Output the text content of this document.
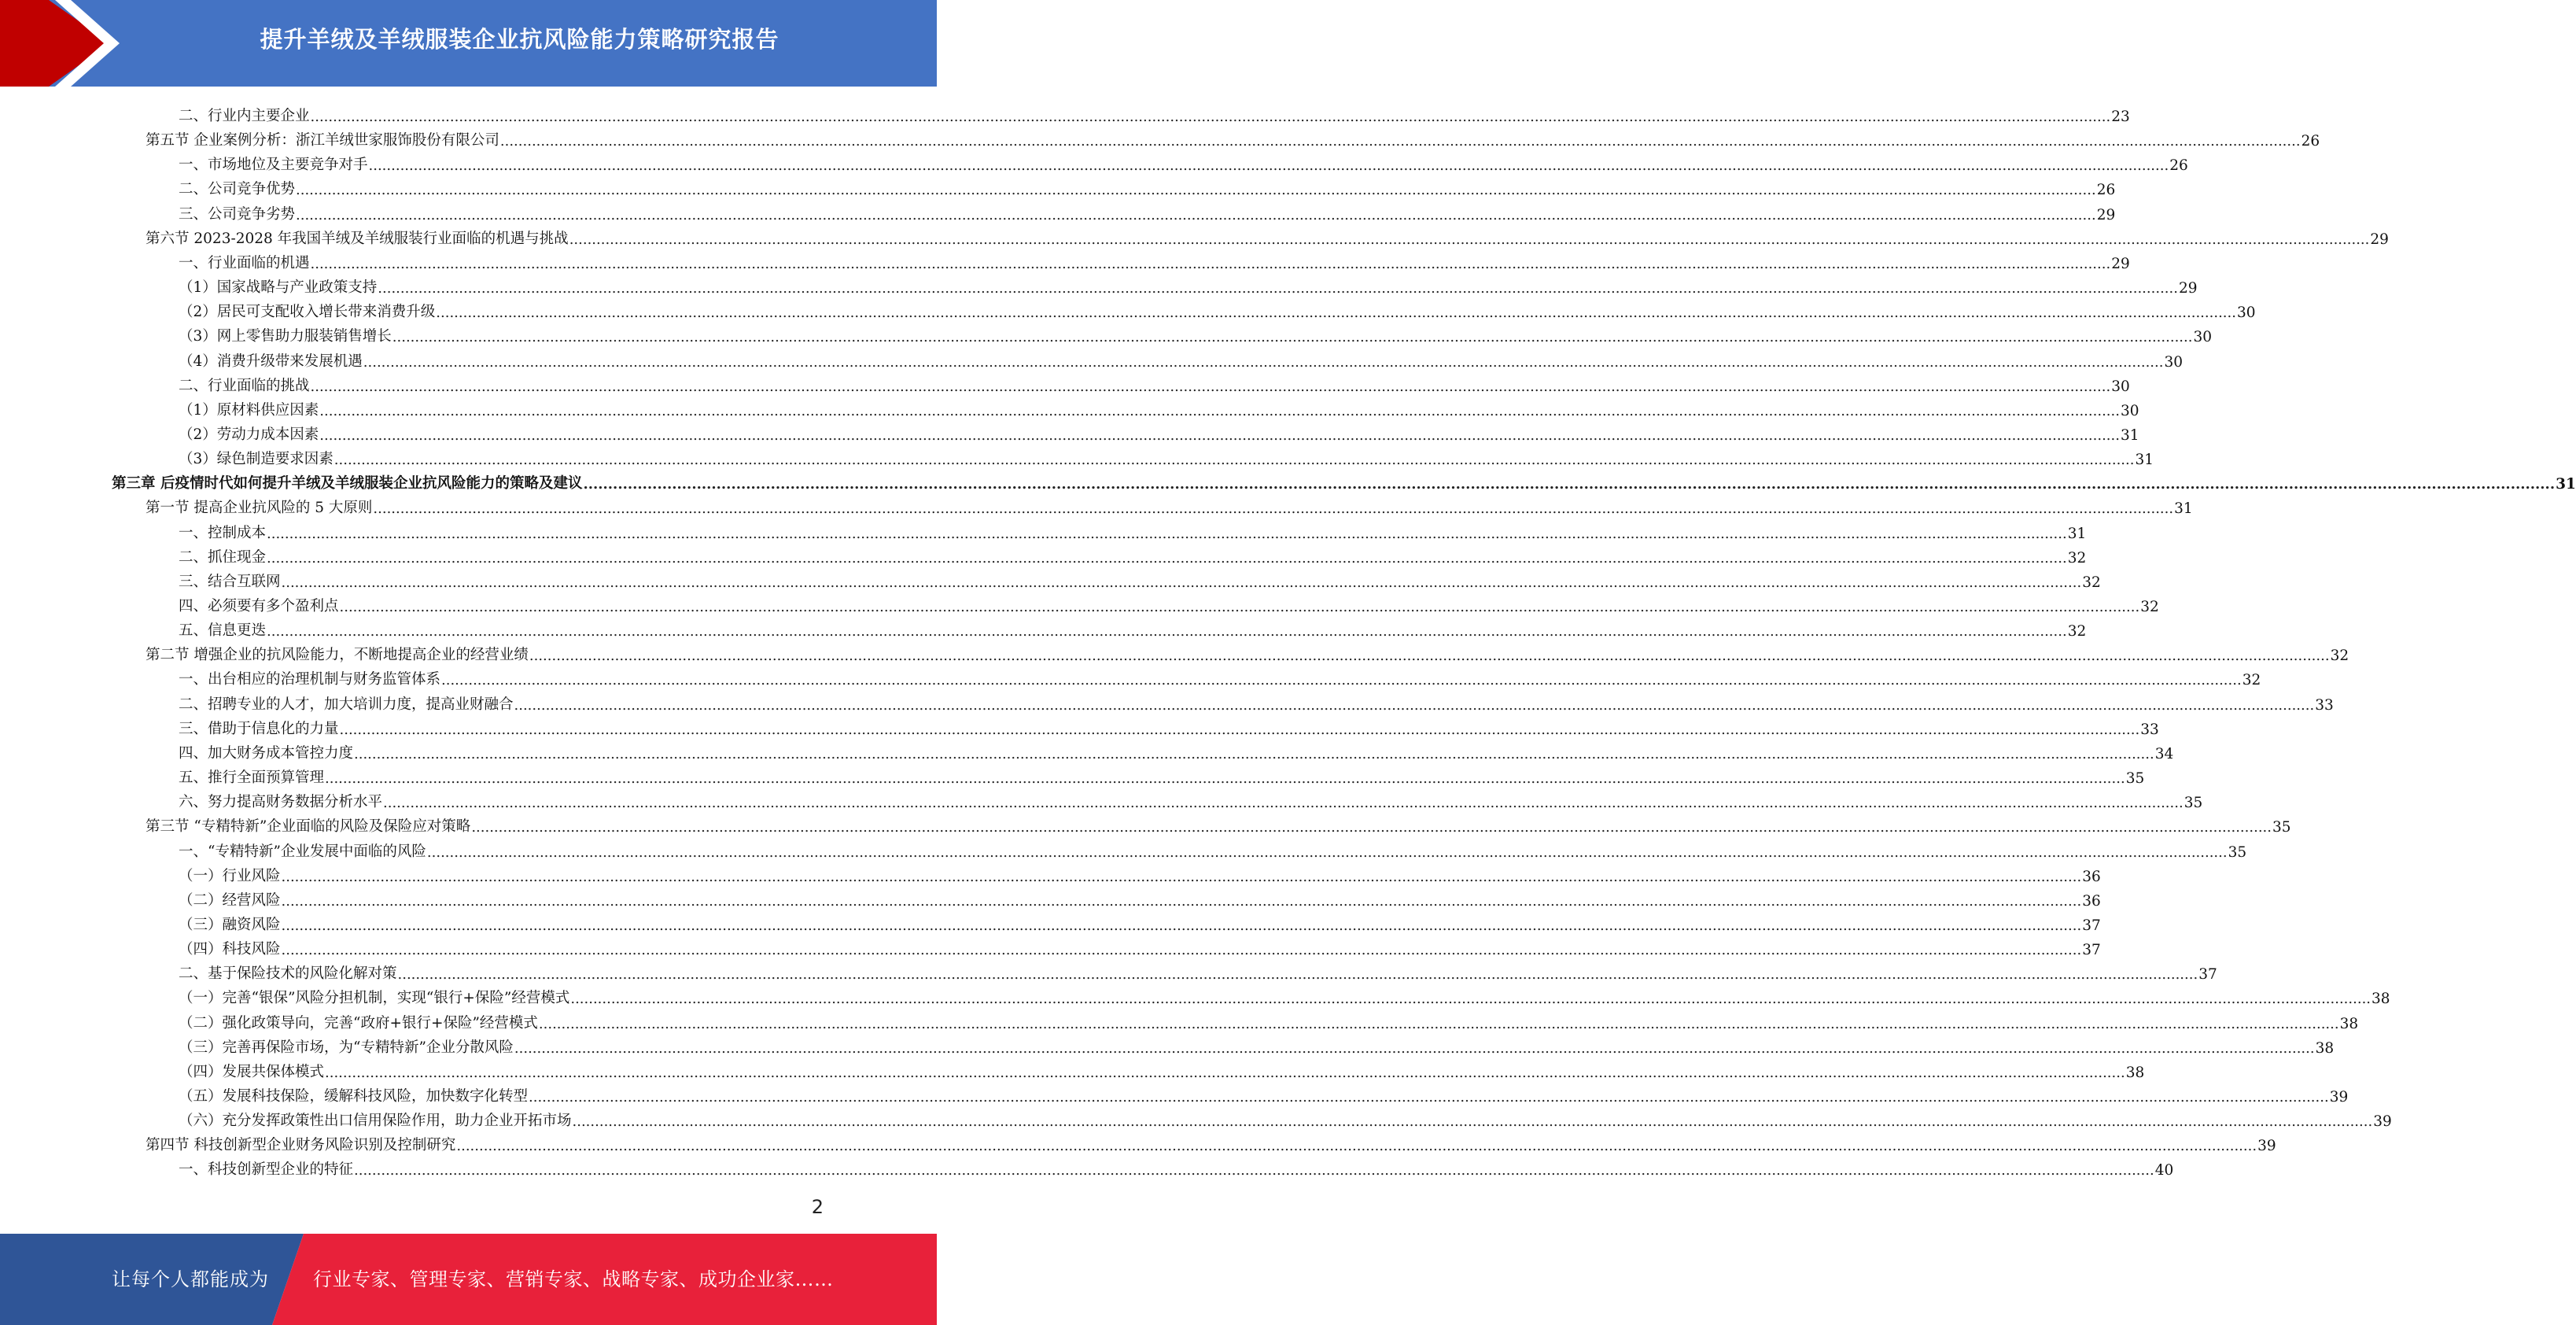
提升羊绒及羊绒服装企业抗风险能力策略研究报告
二、行业内主要企业 ................................................................................................................................................................................................................................................................................................................................................................................................................ 23
第五节 企业案例分析：浙江羊绒世家服饰股份有限公司 ................................................................................................................................................................................................................................................................................................................................................................................................................ 26
一、市场地位及主要竞争对手 ................................................................................................................................................................................................................................................................................................................................................................................................................ 26
二、公司竞争优势 ................................................................................................................................................................................................................................................................................................................................................................................................................ 26
三、公司竞争劣势 ................................................................................................................................................................................................................................................................................................................................................................................................................ 29
第六节 2023-2028 年我国羊绒及羊绒服装行业面临的机遇与挑战 ................................................................................................................................................................................................................................................................................................................................................................................................................ 29
一、行业面临的机遇 ................................................................................................................................................................................................................................................................................................................................................................................................................ 29
（1）国家战略与产业政策支持 ................................................................................................................................................................................................................................................................................................................................................................................................................ 29
（2）居民可支配收入增长带来消费升级 ................................................................................................................................................................................................................................................................................................................................................................................................................ 30
（3）网上零售助力服装销售增长 ................................................................................................................................................................................................................................................................................................................................................................................................................ 30
（4）消费升级带来发展机遇 ................................................................................................................................................................................................................................................................................................................................................................................................................ 30
二、行业面临的挑战 ................................................................................................................................................................................................................................................................................................................................................................................................................ 30
（1）原材料供应因素 ................................................................................................................................................................................................................................................................................................................................................................................................................ 30
（2）劳动力成本因素 ................................................................................................................................................................................................................................................................................................................................................................................................................ 31
（3）绿色制造要求因素 ................................................................................................................................................................................................................................................................................................................................................................................................................ 31
第三章 后疫情时代如何提升羊绒及羊绒服装企业抗风险能力的策略及建议 ................................................................................................................................................................................................................................................................................................................................................................................................................ 31
第一节 提高企业抗风险的 5 大原则 ................................................................................................................................................................................................................................................................................................................................................................................................................ 31
一、控制成本 ................................................................................................................................................................................................................................................................................................................................................................................................................ 31
二、抓住现金 ................................................................................................................................................................................................................................................................................................................................................................................................................ 32
三、结合互联网 ................................................................................................................................................................................................................................................................................................................................................................................................................ 32
四、必须要有多个盈利点 ................................................................................................................................................................................................................................................................................................................................................................................................................ 32
五、信息更迭 ................................................................................................................................................................................................................................................................................................................................................................................................................ 32
第二节 增强企业的抗风险能力，不断地提高企业的经营业绩 ................................................................................................................................................................................................................................................................................................................................................................................................................ 32
一、出台相应的治理机制与财务监管体系 ................................................................................................................................................................................................................................................................................................................................................................................................................ 32
二、招聘专业的人才，加大培训力度，提高业财融合 ................................................................................................................................................................................................................................................................................................................................................................................................................ 33
三、借助于信息化的力量 ................................................................................................................................................................................................................................................................................................................................................................................................................ 33
四、加大财务成本管控力度 ................................................................................................................................................................................................................................................................................................................................................................................................................ 34
五、推行全面预算管理 ................................................................................................................................................................................................................................................................................................................................................................................................................ 35
六、努力提高财务数据分析水平 ................................................................................................................................................................................................................................................................................................................................................................................................................ 35
第三节 “专精特新”企业面临的风险及保险应对策略 ................................................................................................................................................................................................................................................................................................................................................................................................................ 35
一、“专精特新”企业发展中面临的风险 ................................................................................................................................................................................................................................................................................................................................................................................................................ 35
（一）行业风险 ................................................................................................................................................................................................................................................................................................................................................................................................................ 36
（二）经营风险 ................................................................................................................................................................................................................................................................................................................................................................................................................ 36
（三）融资风险 ................................................................................................................................................................................................................................................................................................................................................................................................................ 37
（四）科技风险 ................................................................................................................................................................................................................................................................................................................................................................................................................ 37
二、基于保险技术的风险化解对策 ................................................................................................................................................................................................................................................................................................................................................................................................................ 37
（一）完善“银保”风险分担机制，实现“银行+保险”经营模式 ................................................................................................................................................................................................................................................................................................................................................................................................................ 38
（二）强化政策导向，完善“政府+银行+保险”经营模式 ................................................................................................................................................................................................................................................................................................................................................................................................................ 38
（三）完善再保险市场，为“专精特新”企业分散风险 ................................................................................................................................................................................................................................................................................................................................................................................................................ 38
（四）发展共保体模式 ................................................................................................................................................................................................................................................................................................................................................................................................................ 38
（五）发展科技保险，缓解科技风险，加快数字化转型 ................................................................................................................................................................................................................................................................................................................................................................................................................ 39
（六）充分发挥政策性出口信用保险作用，助力企业开拓市场 ................................................................................................................................................................................................................................................................................................................................................................................................................ 39
第四节 科技创新型企业财务风险识别及控制研究 ................................................................................................................................................................................................................................................................................................................................................................................................................ 39
一、科技创新型企业的特征 ................................................................................................................................................................................................................................................................................................................................................................................................................ 40
2
让每个人都能成为 行业专家、管理专家、营销专家、战略专家、成功企业家……
